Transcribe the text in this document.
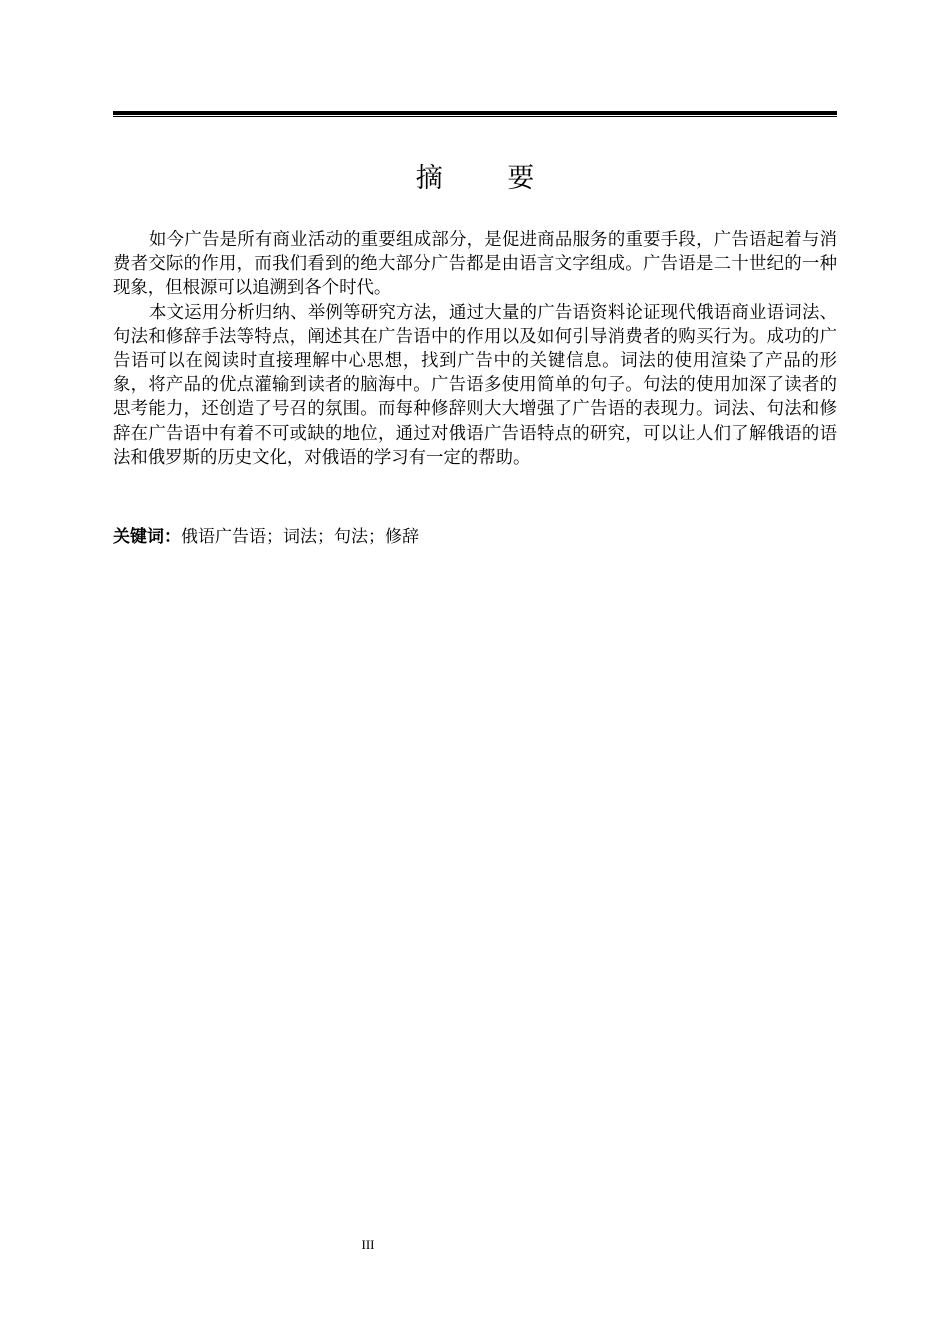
摘 要

如今广告是所有商业活动的重要组成部分，是促进商品服务的重要手段，广告语起着与消费者交际的作用，而我们看到的绝大部分广告都是由语言文字组成。广告语是二十世纪的一种现象，但根源可以追溯到各个时代。

本文运用分析归纳、举例等研究方法，通过大量的广告语资料论证现代俄语商业语词法、句法和修辞手法等特点，阐述其在广告语中的作用以及如何引导消费者的购买行为。成功的广告语可以在阅读时直接理解中心思想，找到广告中的关键信息。词法的使用渲染了产品的形象，将产品的优点灌输到读者的脑海中。广告语多使用简单的句子。句法的使用加深了读者的思考能力，还创造了号召的氛围。而每种修辞则大大增强了广告语的表现力。词法、句法和修辞在广告语中有着不可或缺的地位，通过对俄语广告语特点的研究，可以让人们了解俄语的语法和俄罗斯的历史文化，对俄语的学习有一定的帮助。

关键词：俄语广告语；词法；句法；修辞
III
